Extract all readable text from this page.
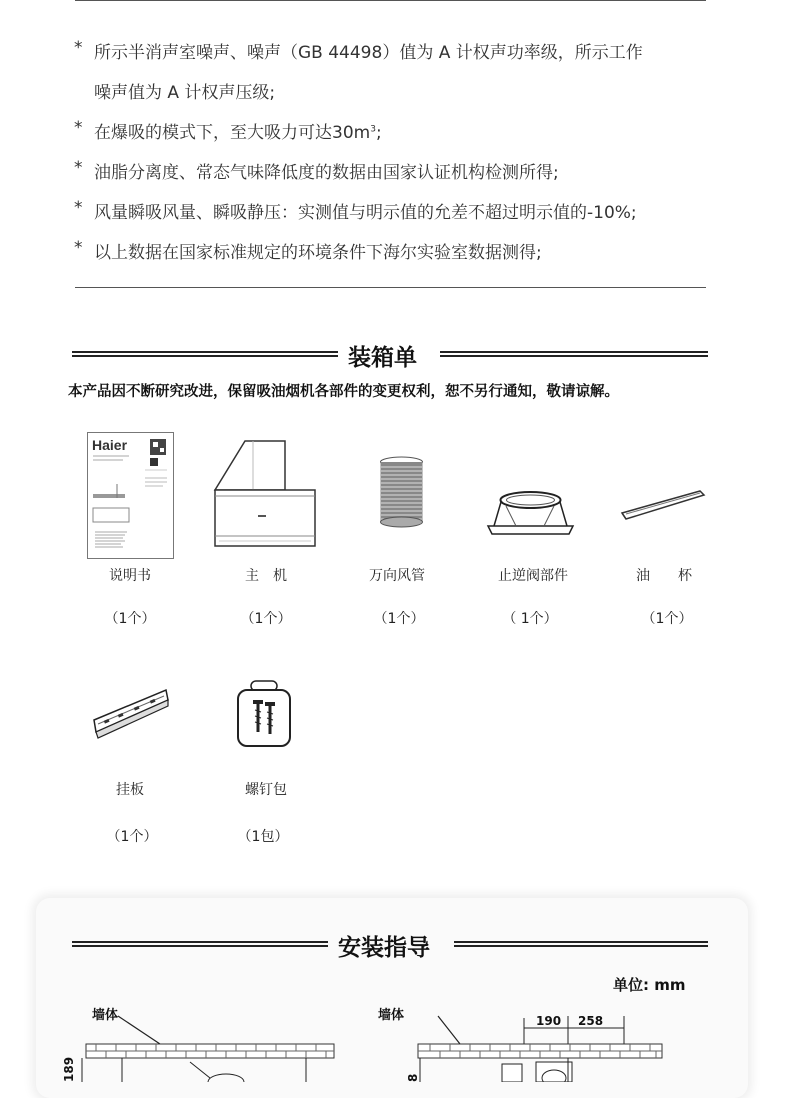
* 所示半消声室噪声、噪声（GB 44498）值为 A 计权声功率级，所示工作
噪声值为 A 计权声压级;
* 在爆吸的模式下，至大吸力可达$30m^3$;
* 油脂分离度、常态气味降低度的数据由国家认证机构检测所得;
* 风量瞬吸风量、瞬吸静压：实测值与明示值的允差不超过明示值的-10%;
* 以上数据在国家标准规定的环境条件下海尔实验室数据测得;
装箱单
本产品因不断研究改进，保留吸油烟机各部件的变更权利，恕不另行通知，敬请谅解。
Haier
说明书
（1个）
主　机
（1个）
万向风管
（1个）
止逆阀部件
（ 1个）
油　　杯
（1个）
挂板
（1个）
螺钉包
（1包）
安装指导
单位: mm
墙体
189
墙体	190 258
8
